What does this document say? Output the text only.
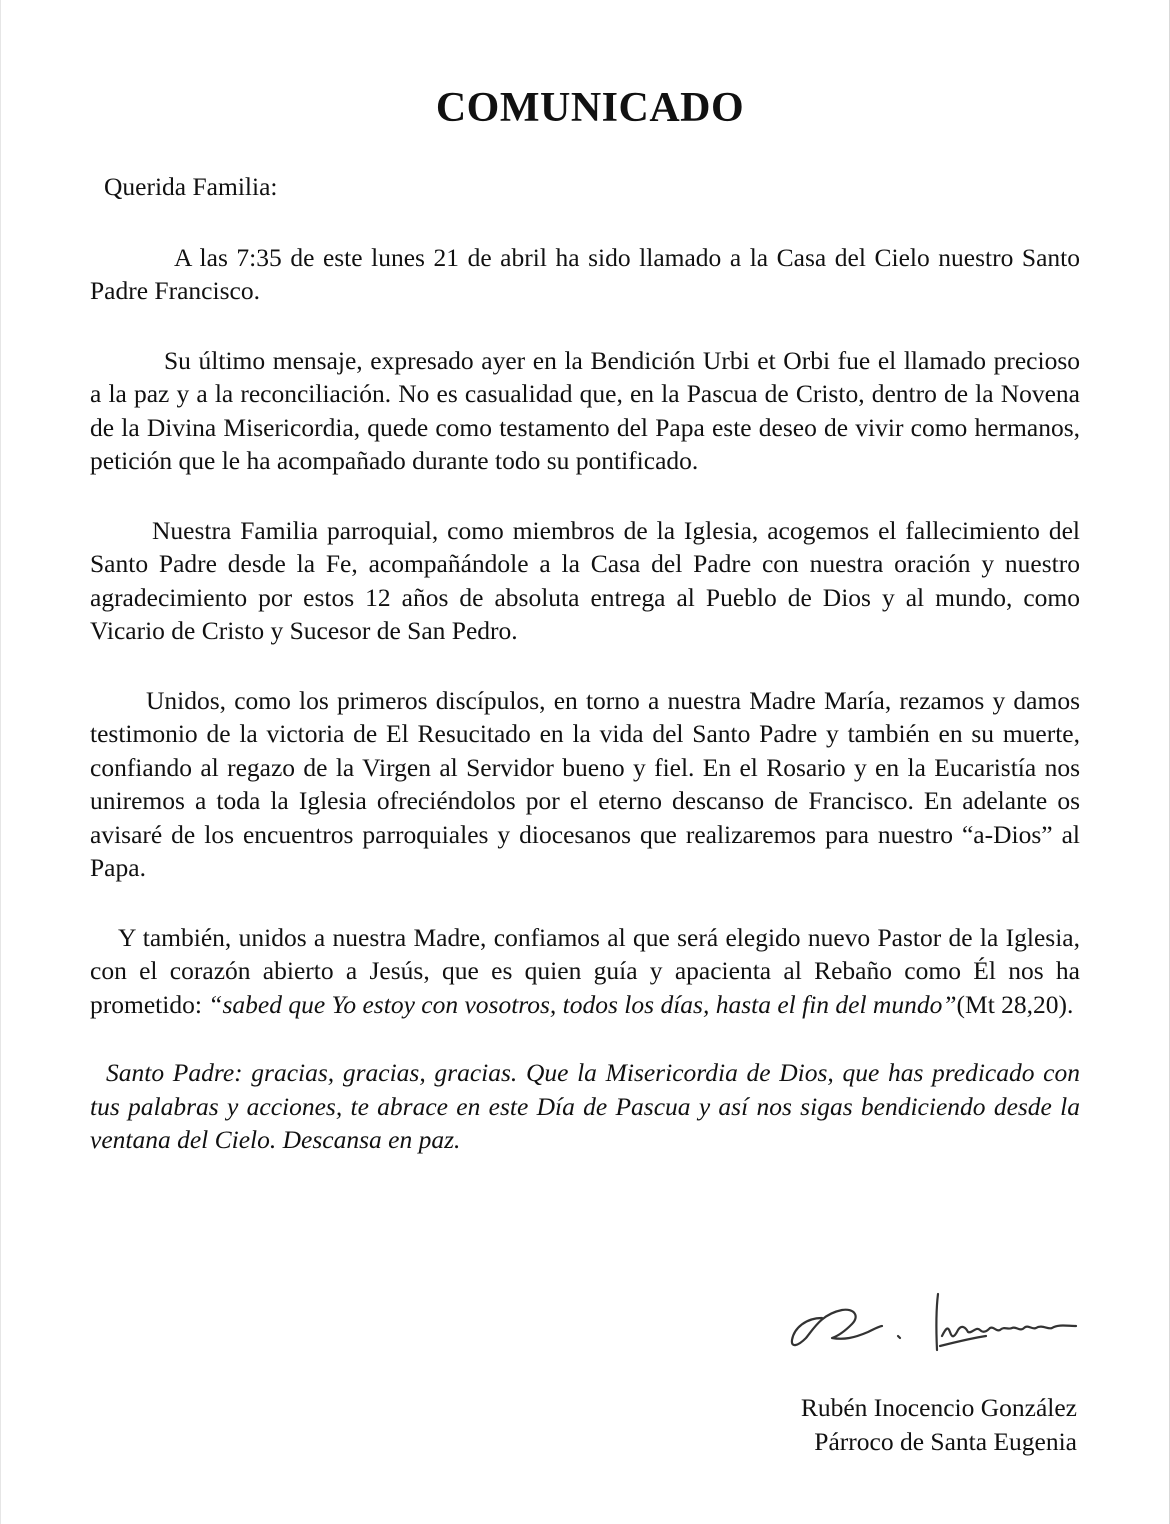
COMUNICADO

Querida Familia:

A las 7:35 de este lunes 21 de abril ha sido llamado a la Casa del Cielo nuestro Santo Padre Francisco.

Su último mensaje, expresado ayer en la Bendición Urbi et Orbi fue el llamado precioso a la paz y a la reconciliación. No es casualidad que, en la Pascua de Cristo, dentro de la Novena de la Divina Misericordia, quede como testamento del Papa este deseo de vivir como hermanos, petición que le ha acompañado durante todo su pontificado.

Nuestra Familia parroquial, como miembros de la Iglesia, acogemos el fallecimiento del Santo Padre desde la Fe, acompañándole a la Casa del Padre con nuestra oración y nuestro agradecimiento por estos 12 años de absoluta entrega al Pueblo de Dios y al mundo, como Vicario de Cristo y Sucesor de San Pedro.

Unidos, como los primeros discípulos, en torno a nuestra Madre María, rezamos y damos testimonio de la victoria de El Resucitado en la vida del Santo Padre y también en su muerte, confiando al regazo de la Virgen al Servidor bueno y fiel. En el Rosario y en la Eucaristía nos uniremos a toda la Iglesia ofreciéndolos por el eterno descanso de Francisco. En adelante os avisaré de los encuentros parroquiales y diocesanos que realizaremos para nuestro “a-Dios” al Papa.

Y también, unidos a nuestra Madre, confiamos al que será elegido nuevo Pastor de la Iglesia, con el corazón abierto a Jesús, que es quien guía y apacienta al Rebaño como Él nos ha prometido: “sabed que Yo estoy con vosotros, todos los días, hasta el fin del mundo”(Mt 28,20).

Santo Padre: gracias, gracias, gracias. Que la Misericordia de Dios, que has predicado con tus palabras y acciones, te abrace en este Día de Pascua y así nos sigas bendiciendo desde la ventana del Cielo. Descansa en paz.

Rubén Inocencio González
Párroco de Santa Eugenia
